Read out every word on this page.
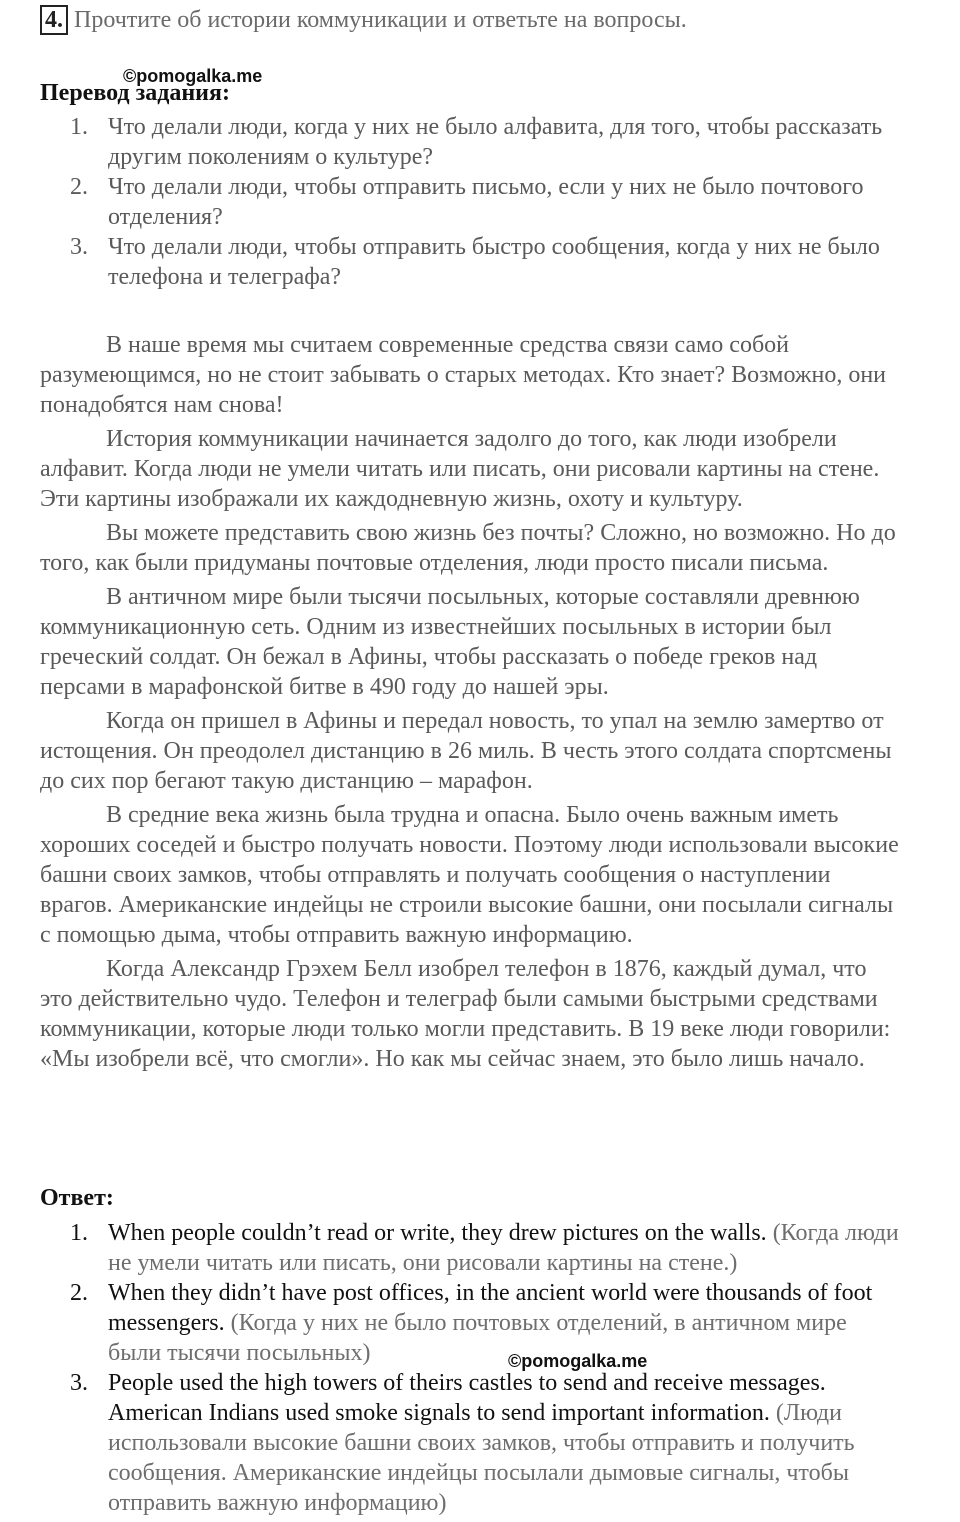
4. Прочтите об истории коммуникации и ответьте на вопросы.
©pomogalka.me
Перевод задания:
1. Что делали люди, когда у них не было алфавита, для того, чтобы рассказать другим поколениям о культуре?
2. Что делали люди, чтобы отправить письмо, если у них не было почтового отделения?
3. Что делали люди, чтобы отправить быстро сообщения, когда у них не было телефона и телеграфа?

В наше время мы считаем современные средства связи само собой разумеющимся, но не стоит забывать о старых методах. Кто знает? Возможно, они понадобятся нам снова!

История коммуникации начинается задолго до того, как люди изобрели алфавит. Когда люди не умели читать или писать, они рисовали картины на стене. Эти картины изображали их каждодневную жизнь, охоту и культуру.

Вы можете представить свою жизнь без почты? Сложно, но возможно. Но до того, как были придуманы почтовые отделения, люди просто писали письма.

В античном мире были тысячи посыльных, которые составляли древнюю коммуникационную сеть. Одним из известнейших посыльных в истории был греческий солдат. Он бежал в Афины, чтобы рассказать о победе греков над персами в марафонской битве в 490 году до нашей эры.

Когда он пришел в Афины и передал новость, то упал на землю замертво от истощения. Он преодолел дистанцию в 26 миль. В честь этого солдата спортсмены до сих пор бегают такую дистанцию – марафон.

В средние века жизнь была трудна и опасна. Было очень важным иметь хороших соседей и быстро получать новости. Поэтому люди использовали высокие башни своих замков, чтобы отправлять и получать сообщения о наступлении врагов. Американские индейцы не строили высокие башни, они посылали сигналы с помощью дыма, чтобы отправить важную информацию.

Когда Александр Грэхем Белл изобрел телефон в 1876, каждый думал, что это действительно чудо. Телефон и телеграф были самыми быстрыми средствами коммуникации, которые люди только могли представить. В 19 веке люди говорили: «Мы изобрели всё, что смогли». Но как мы сейчас знаем, это было лишь начало.

Ответ:
1. When people couldn’t read or write, they drew pictures on the walls. (Когда люди не умели читать или писать, они рисовали картины на стене.)
2. When they didn’t have post offices, in the ancient world were thousands of foot messengers. (Когда у них не было почтовых отделений, в античном мире были тысячи посыльных)
3. People used the high towers of theirs castles to send and receive messages. American Indians used smoke signals to send important information. (Люди использовали высокие башни своих замков, чтобы отправить и получить сообщения. Американские индейцы посылали дымовые сигналы, чтобы отправить важную информацию)
©pomogalka.me
